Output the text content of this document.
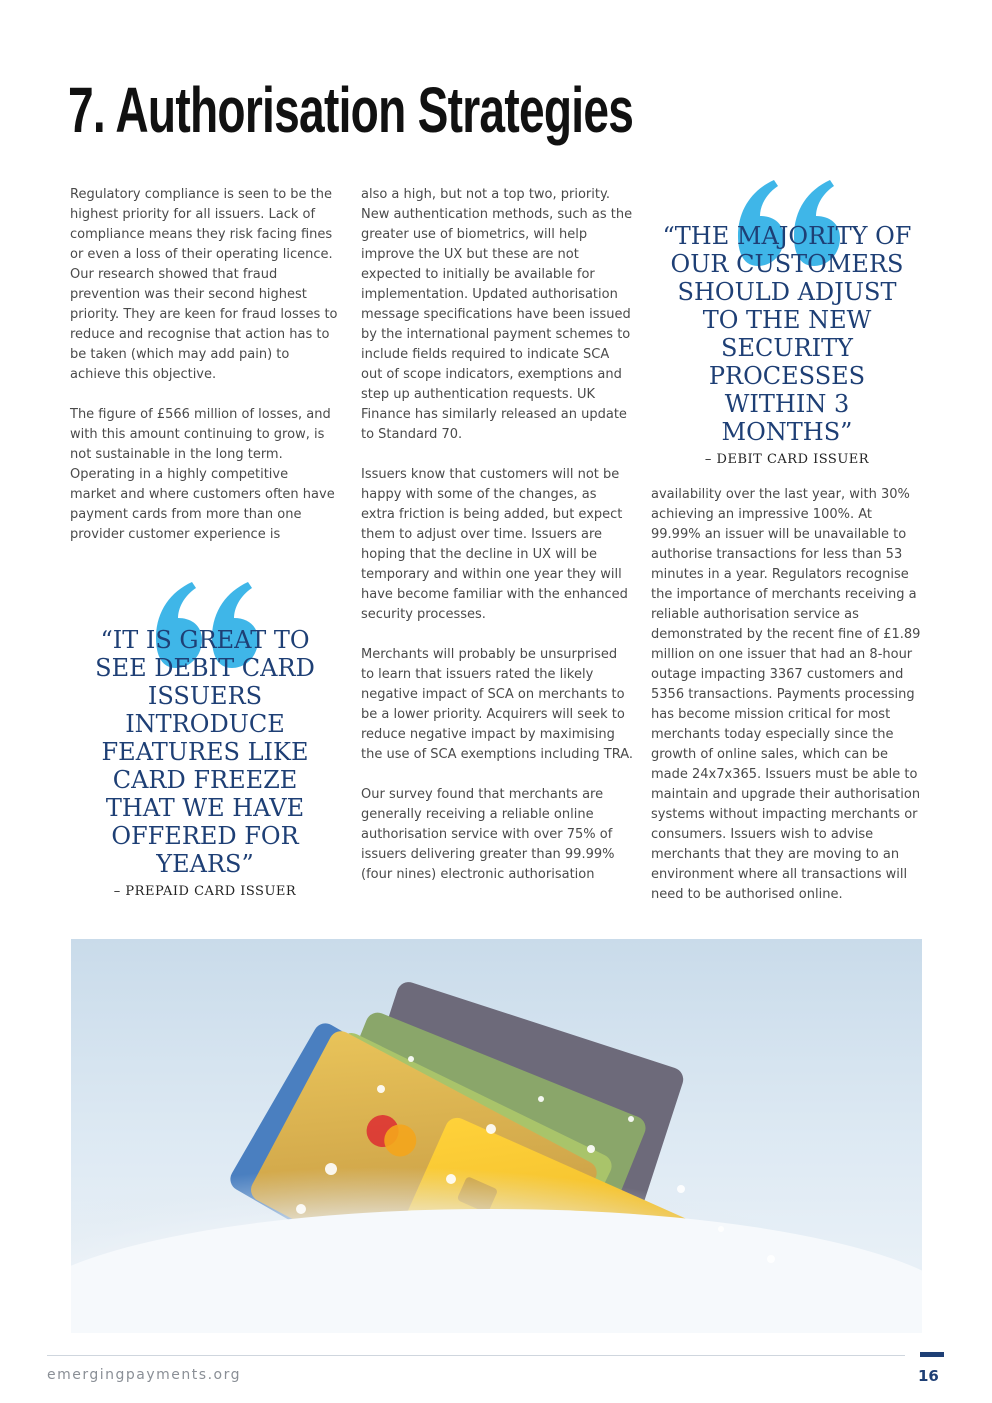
7. Authorisation Strategies

Regulatory compliance is seen to be the highest priority for all issuers. Lack of compliance means they risk facing fines or even a loss of their operating licence. Our research showed that fraud prevention was their second highest priority. They are keen for fraud losses to reduce and recognise that action has to be taken (which may add pain) to achieve this objective.

The figure of £566 million of losses, and with this amount continuing to grow, is not sustainable in the long term. Operating in a highly competitive market and where customers often have payment cards from more than one provider customer experience is

also a high, but not a top two, priority. New authentication methods, such as the greater use of biometrics, will help improve the UX but these are not expected to initially be available for implementation. Updated authorisation message specifications have been issued by the international payment schemes to include fields required to indicate SCA out of scope indicators, exemptions and step up authentication requests. UK Finance has similarly released an update to Standard 70.

Issuers know that customers will not be happy with some of the changes, as extra friction is being added, but expect them to adjust over time. Issuers are hoping that the decline in UX will be temporary and within one year they will have become familiar with the enhanced security processes.

Merchants will probably be unsurprised to learn that issuers rated the likely negative impact of SCA on merchants to be a lower priority. Acquirers will seek to reduce negative impact by maximising the use of SCA exemptions including TRA.

Our survey found that merchants are generally receiving a reliable online authorisation service with over 75% of issuers delivering greater than 99.99% (four nines) electronic authorisation

availability over the last year, with 30% achieving an impressive 100%. At 99.99% an issuer will be unavailable to authorise transactions for less than 53 minutes in a year. Regulators recognise the importance of merchants receiving a reliable authorisation service as demonstrated by the recent fine of £1.89 million on one issuer that had an 8-hour outage impacting 3367 customers and 5356 transactions. Payments processing has become mission critical for most merchants today especially since the growth of online sales, which can be made 24x7x365. Issuers must be able to maintain and upgrade their authorisation systems without impacting merchants or consumers. Issuers wish to advise merchants that they are moving to an environment where all transactions will need to be authorised online.

“IT IS GREAT TO SEE DEBIT CARD ISSUERS INTRODUCE FEATURES LIKE CARD FREEZE THAT WE HAVE OFFERED FOR YEARS”
– PREPAID CARD ISSUER
“THE MAJORITY OF OUR CUSTOMERS SHOULD ADJUST TO THE NEW SECURITY PROCESSES WITHIN 3 MONTHS”
– DEBIT CARD ISSUER
emergingpayments.org	16
